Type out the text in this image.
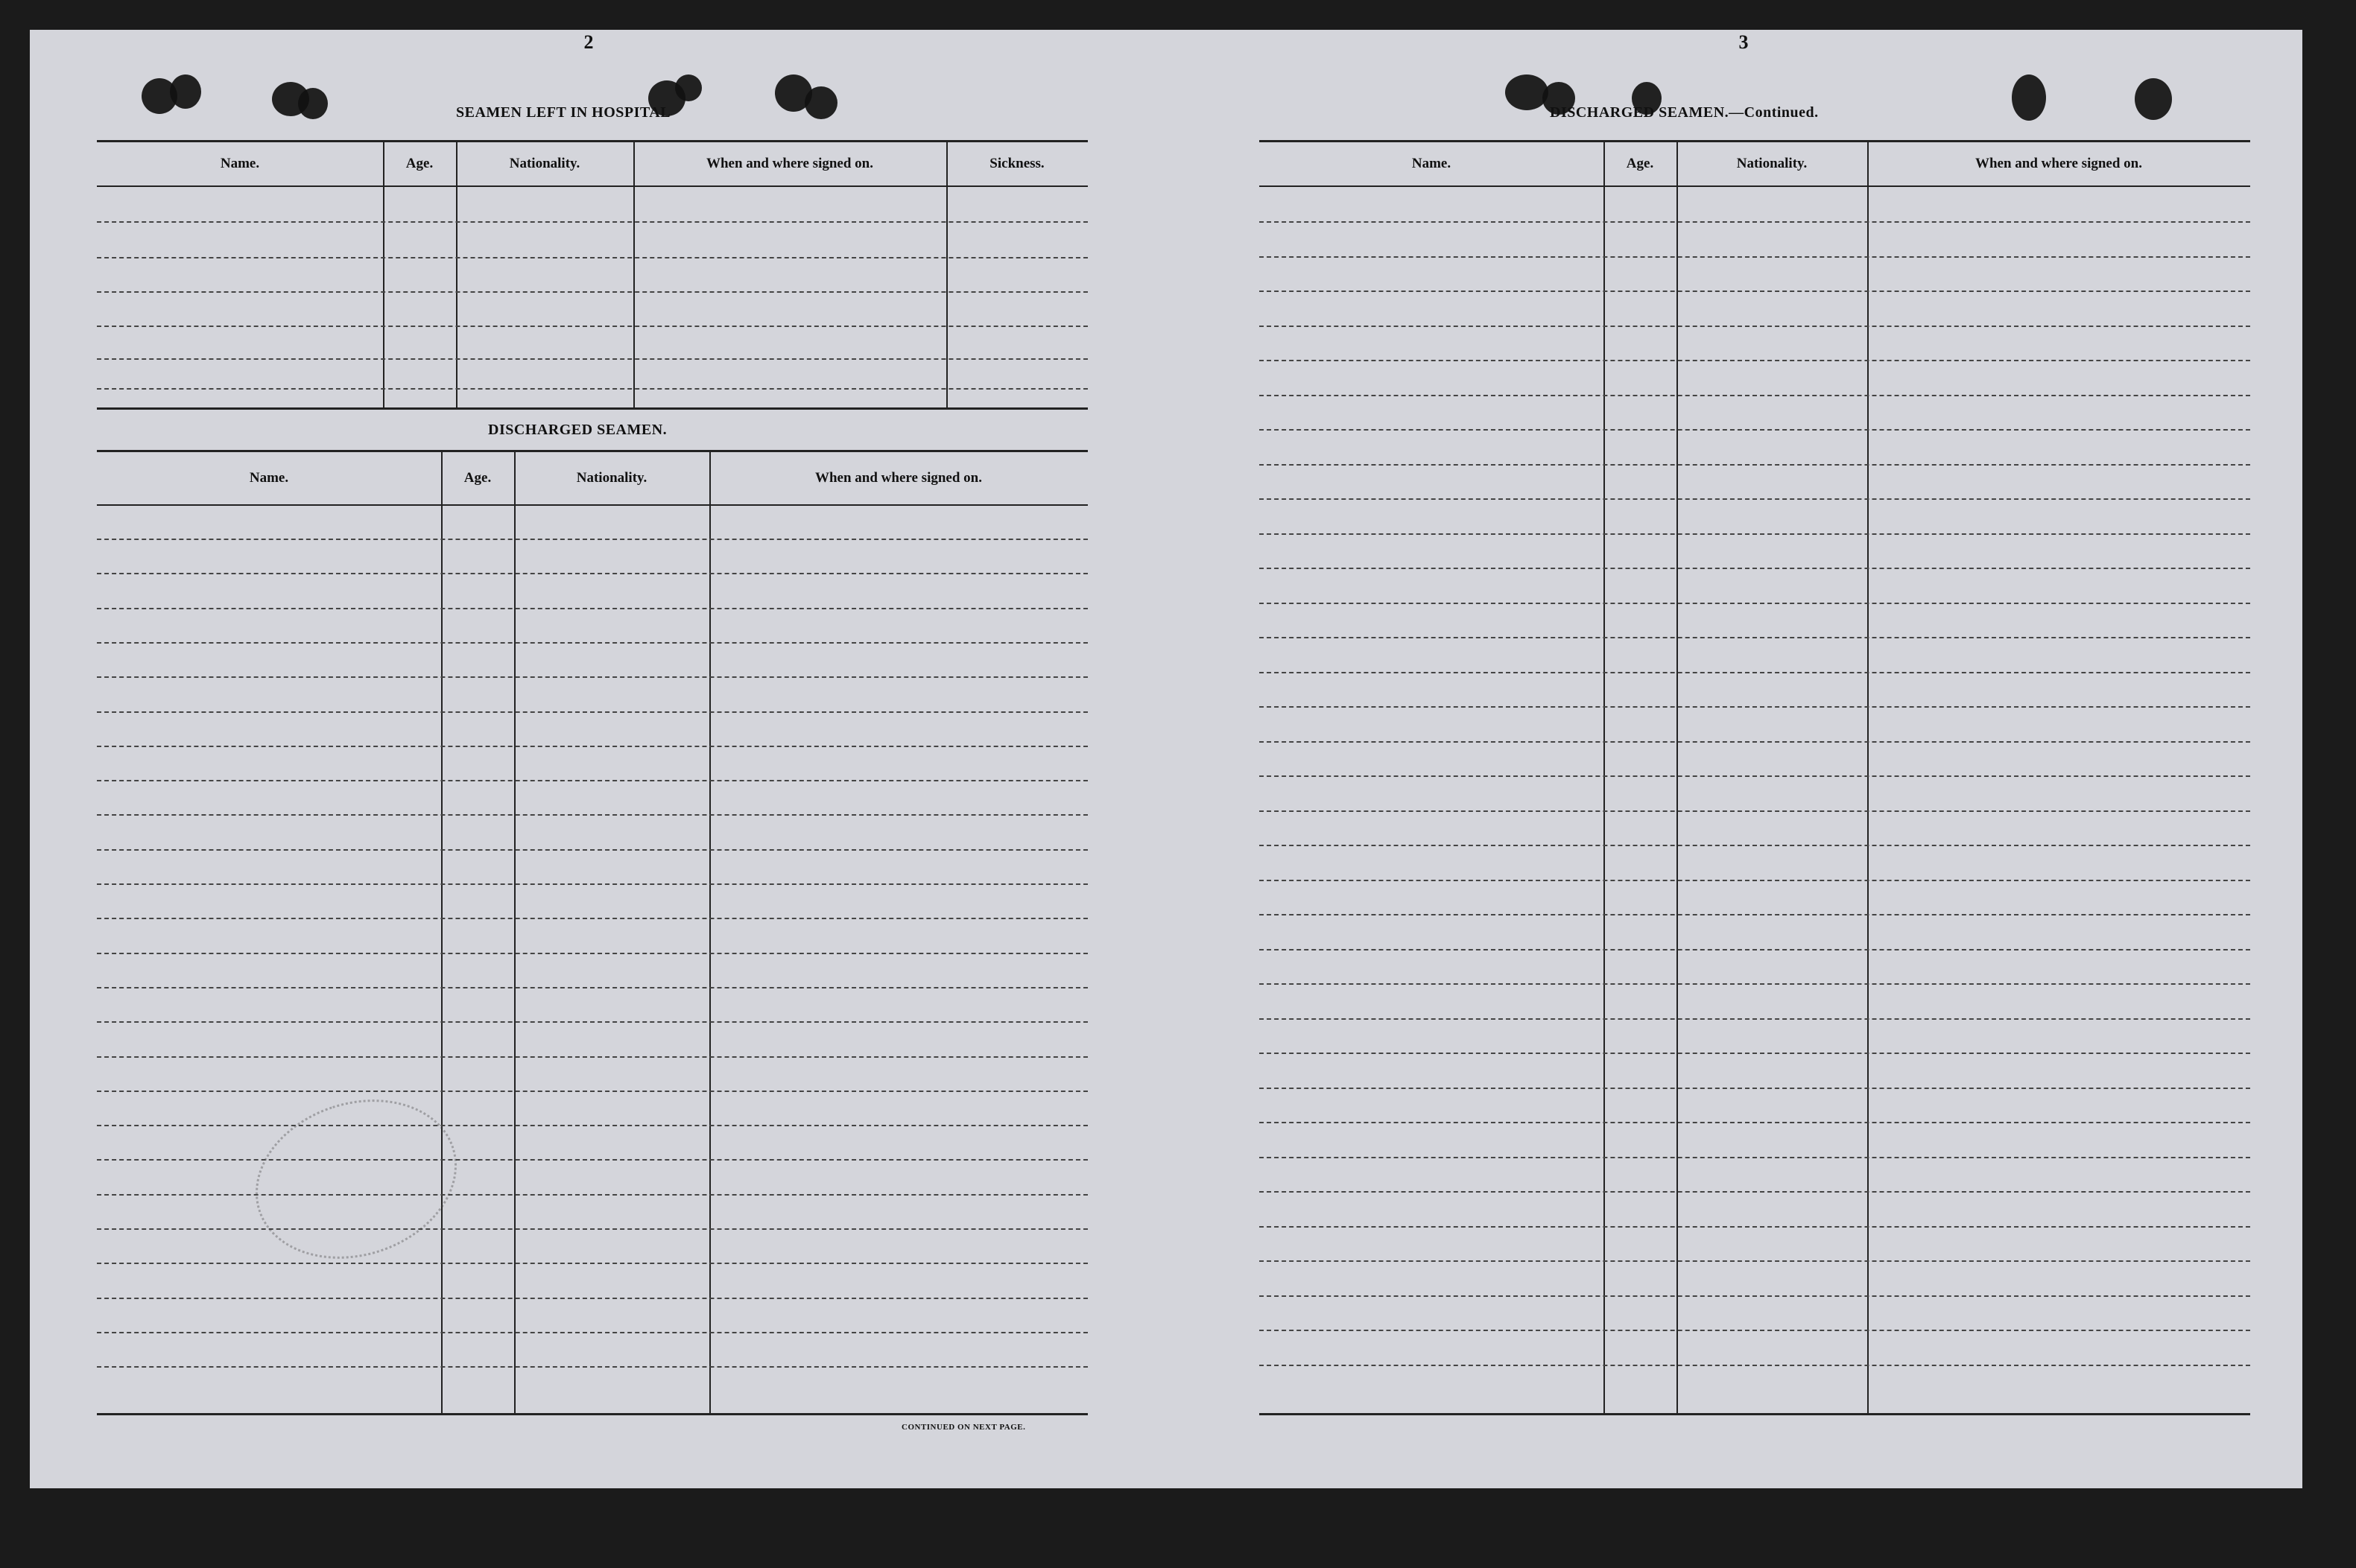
2
SEAMEN LEFT IN HOSPITAL
Name.	Age.	Nationality.	When and where signed on.	Sickness.
DISCHARGED SEAMEN.
Name.	Age.	Nationality.	When and where signed on.
CONTINUED ON NEXT PAGE.
3
DISCHARGED SEAMEN.—Continued.
Name.	Age.	Nationality.	When and where signed on.
